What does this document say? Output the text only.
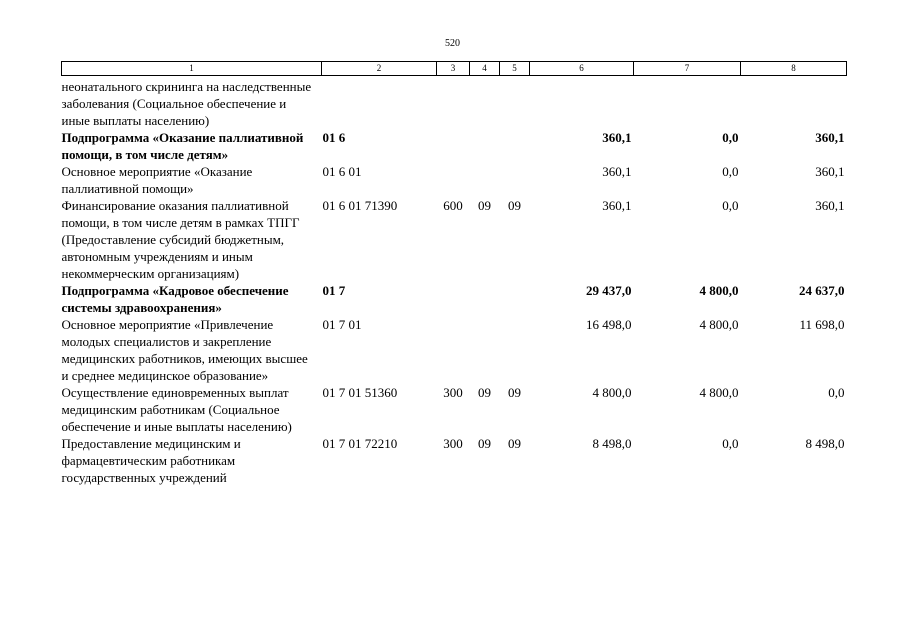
520
1	2	3	4	5	6	7	8
неонатального скрининга на наследственные заболевания (Социальное обеспечение и иные выплаты населению)							
Подпрограмма «Оказание паллиативной помощи, в том числе детям»	01 6				360,1	0,0	360,1
Основное мероприятие «Оказание паллиативной помощи»	01 6 01				360,1	0,0	360,1
Финансирование оказания паллиативной помощи, в том числе детям в рамках ТПГГ (Предоставление субсидий бюджетным, автономным учреждениям и иным некоммерческим организациям)	01 6 01 71390	600	09	09	360,1	0,0	360,1
Подпрограмма «Кадровое обеспечение системы здравоохранения»	01 7				29 437,0	4 800,0	24 637,0
Основное мероприятие «Привлечение молодых специалистов и закрепление медицинских работников, имеющих высшее и среднее медицинское образование»	01 7 01				16 498,0	4 800,0	11 698,0
Осуществление единовременных выплат медицинским работникам (Социальное обеспечение и иные выплаты населению)	01 7 01 51360	300	09	09	4 800,0	4 800,0	0,0
Предоставление медицинским и фармацевтическим работникам государственных учреждений	01 7 01 72210	300	09	09	8 498,0	0,0	8 498,0
